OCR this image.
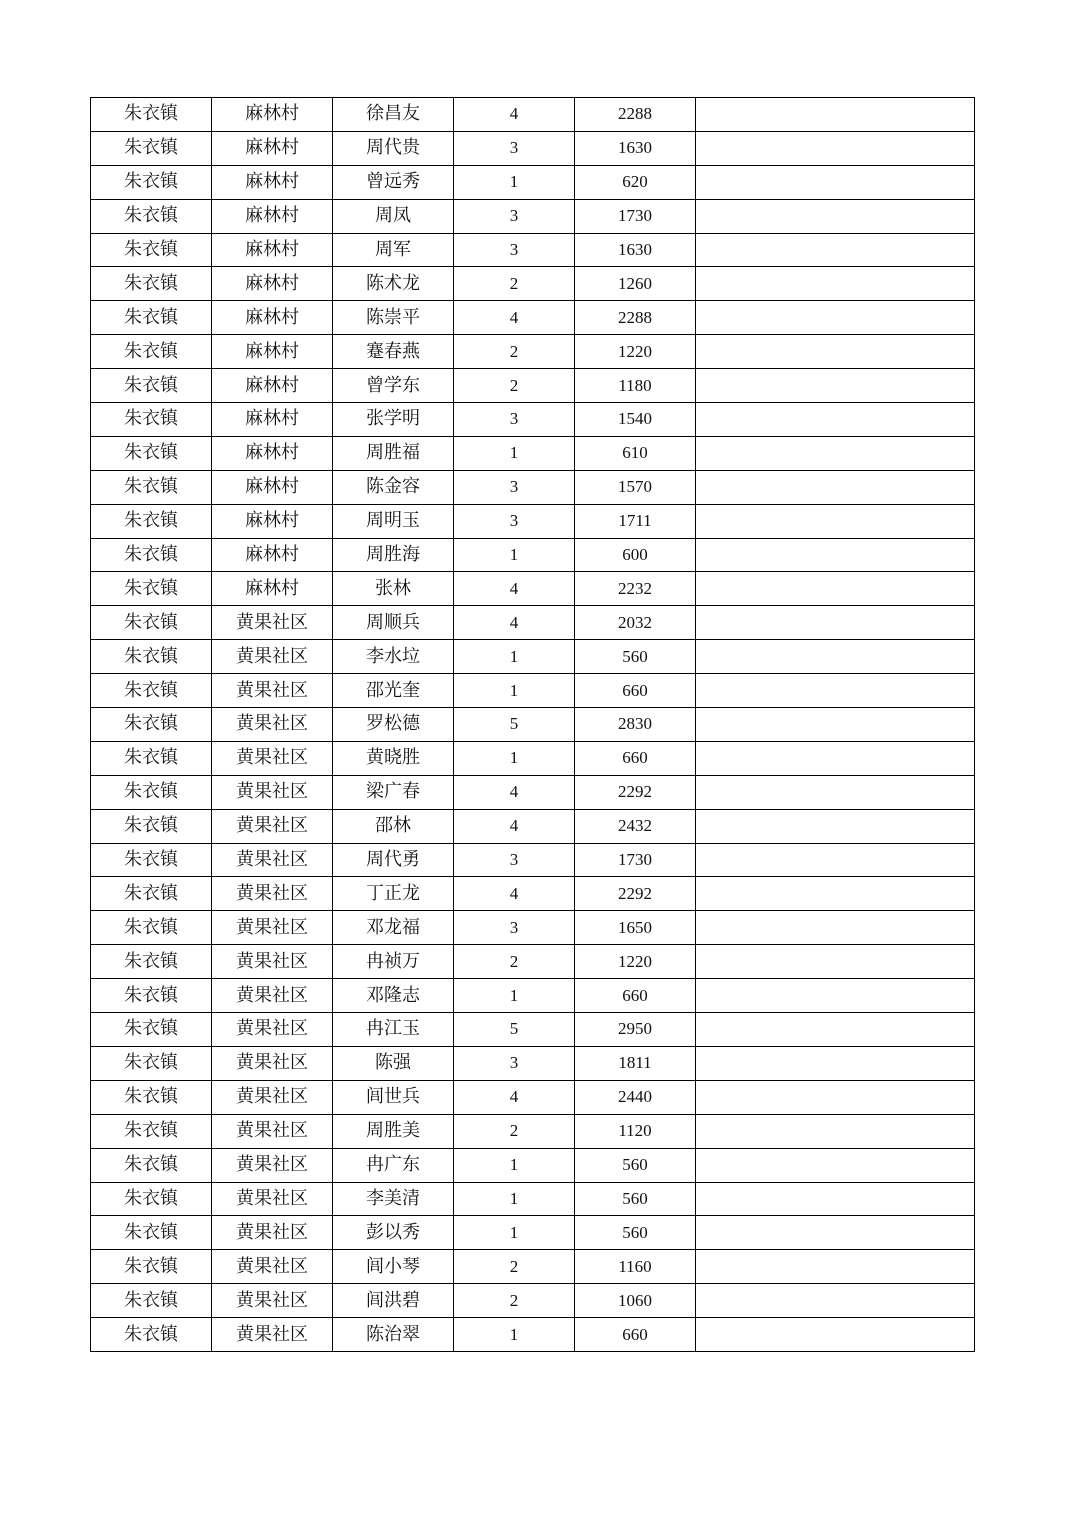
朱衣镇	麻林村	徐昌友	4	2288	
朱衣镇	麻林村	周代贵	3	1630	
朱衣镇	麻林村	曾远秀	1	620	
朱衣镇	麻林村	周凤	3	1730	
朱衣镇	麻林村	周军	3	1630	
朱衣镇	麻林村	陈术龙	2	1260	
朱衣镇	麻林村	陈崇平	4	2288	
朱衣镇	麻林村	蹇春燕	2	1220	
朱衣镇	麻林村	曾学东	2	1180	
朱衣镇	麻林村	张学明	3	1540	
朱衣镇	麻林村	周胜福	1	610	
朱衣镇	麻林村	陈金容	3	1570	
朱衣镇	麻林村	周明玉	3	1711	
朱衣镇	麻林村	周胜海	1	600	
朱衣镇	麻林村	张林	4	2232	
朱衣镇	黄果社区	周顺兵	4	2032	
朱衣镇	黄果社区	李水垃	1	560	
朱衣镇	黄果社区	邵光奎	1	660	
朱衣镇	黄果社区	罗松德	5	2830	
朱衣镇	黄果社区	黄晓胜	1	660	
朱衣镇	黄果社区	梁广春	4	2292	
朱衣镇	黄果社区	邵林	4	2432	
朱衣镇	黄果社区	周代勇	3	1730	
朱衣镇	黄果社区	丁正龙	4	2292	
朱衣镇	黄果社区	邓龙福	3	1650	
朱衣镇	黄果社区	冉祯万	2	1220	
朱衣镇	黄果社区	邓隆志	1	660	
朱衣镇	黄果社区	冉江玉	5	2950	
朱衣镇	黄果社区	陈强	3	1811	
朱衣镇	黄果社区	闾世兵	4	2440	
朱衣镇	黄果社区	周胜美	2	1120	
朱衣镇	黄果社区	冉广东	1	560	
朱衣镇	黄果社区	李美清	1	560	
朱衣镇	黄果社区	彭以秀	1	560	
朱衣镇	黄果社区	闾小琴	2	1160	
朱衣镇	黄果社区	闾洪碧	2	1060	
朱衣镇	黄果社区	陈治翠	1	660	
